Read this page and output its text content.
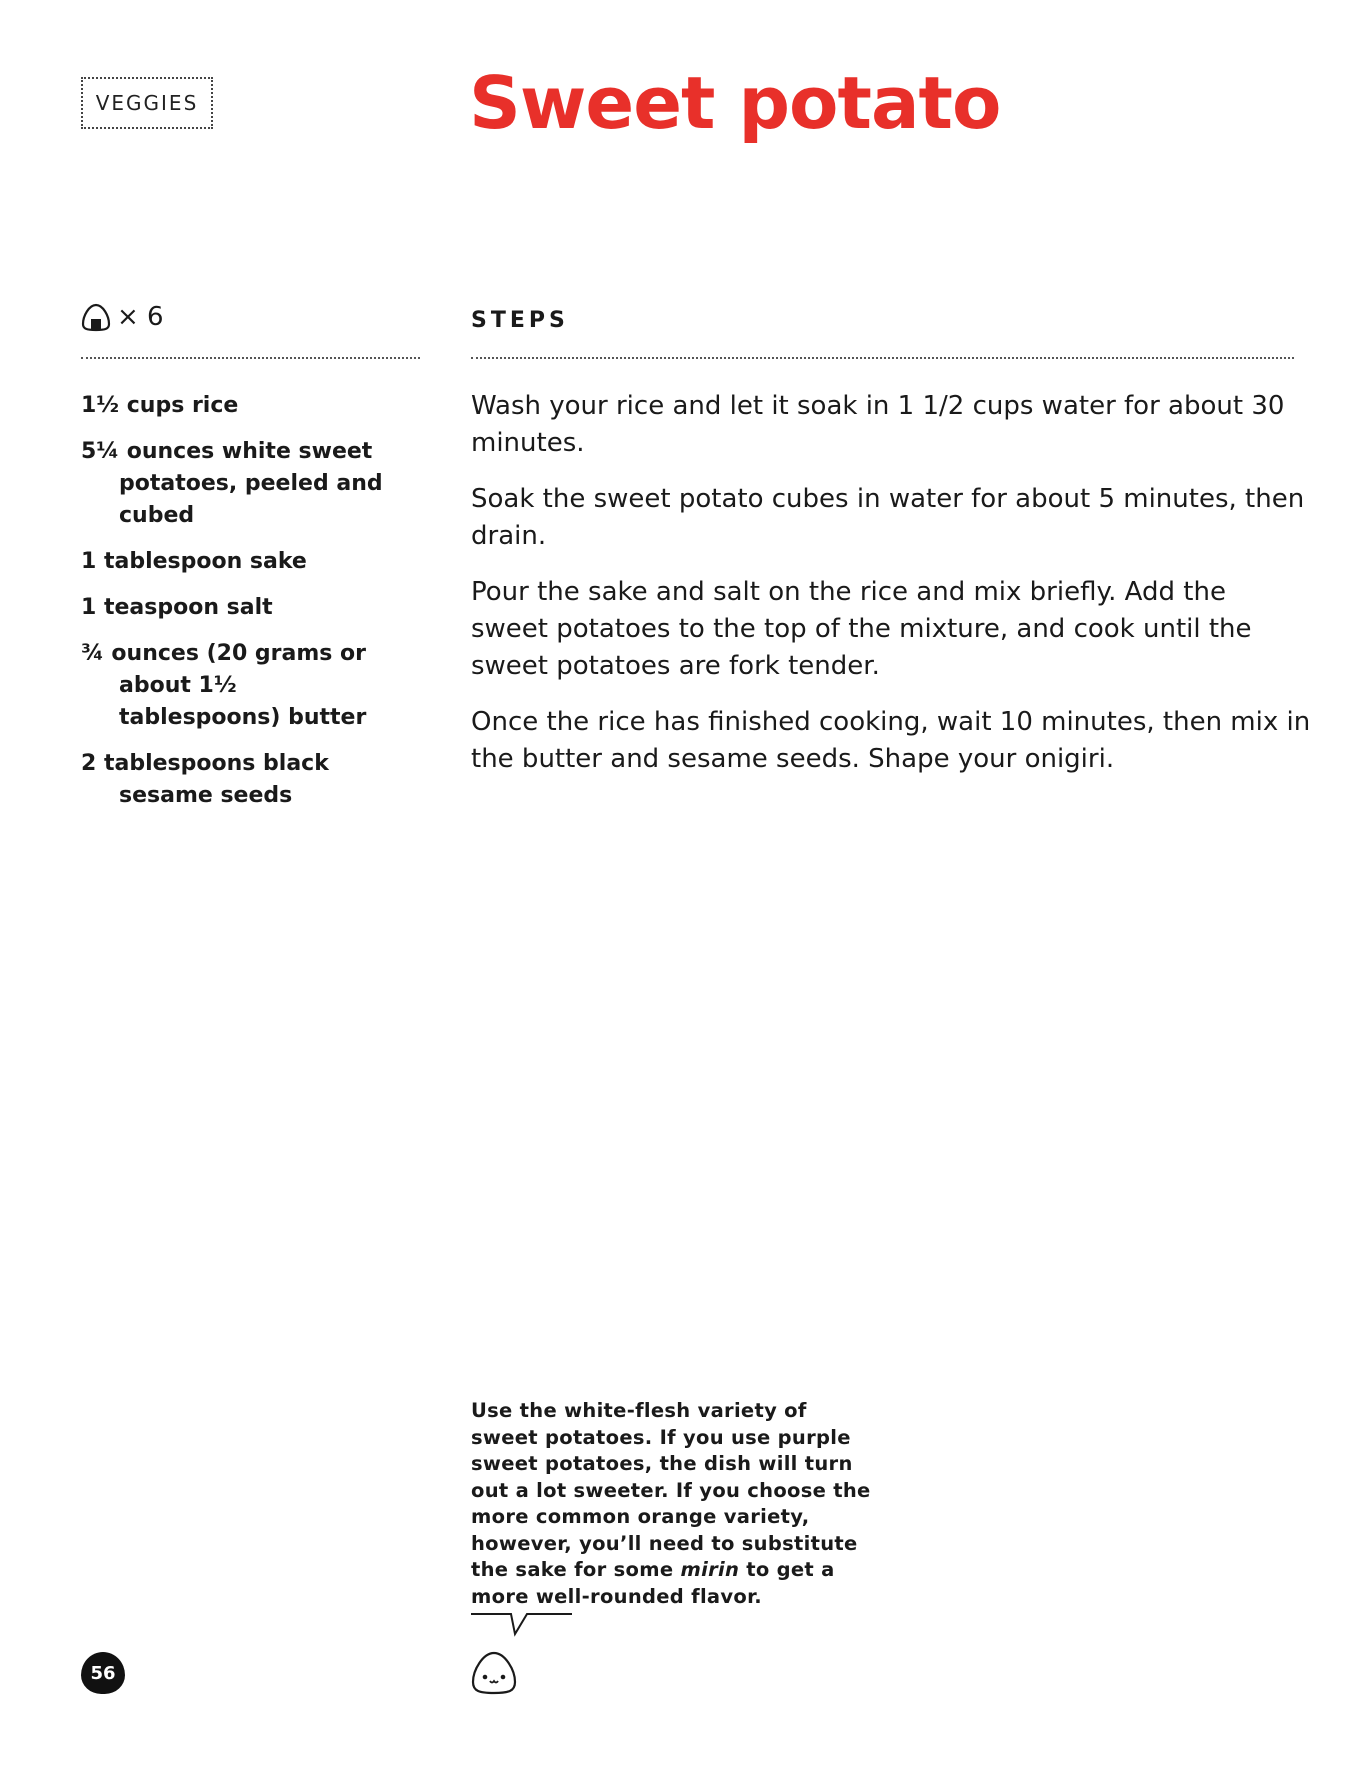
VEGGIES	Sweet potato
× 6	STEPS
1½ cups rice
5¼ ounces white sweet potatoes, peeled and cubed
1 tablespoon sake
1 teaspoon salt
¾ ounces (20 grams or about 1½ tablespoons) butter
2 tablespoons black sesame seeds

Wash your rice and let it soak in 1 1/2 cups water for about 30 minutes.

Soak the sweet potato cubes in water for about 5 minutes, then drain.

Pour the sake and salt on the rice and mix briefly. Add the sweet potatoes to the top of the mixture, and cook until the sweet potatoes are fork tender.

Once the rice has finished cooking, wait 10 minutes, then mix in the butter and sesame seeds. Shape your onigiri.

Use the white-flesh variety of sweet potatoes. If you use purple sweet potatoes, the dish will turn out a lot sweeter. If you choose the more common orange variety, however, you’ll need to substitute the sake for some mirin to get a more well-rounded flavor.

56
